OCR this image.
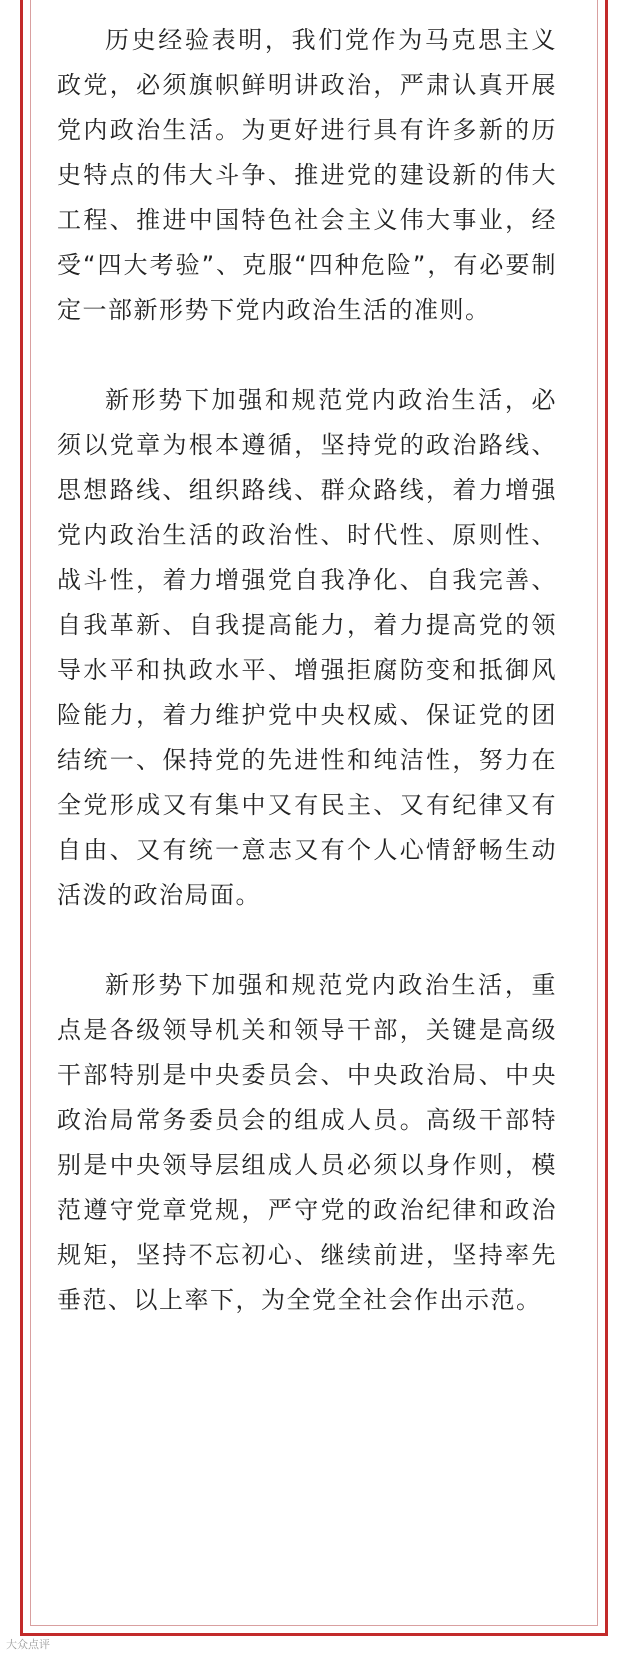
历史经验表明，我们党作为马克思主义政党，必须旗帜鲜明讲政治，严肃认真开展党内政治生活。为更好进行具有许多新的历史特点的伟大斗争、推进党的建设新的伟大工程、推进中国特色社会主义伟大事业，经受“四大考验”、克服“四种危险”，有必要制定一部新形势下党内政治生活的准则。

新形势下加强和规范党内政治生活，必须以党章为根本遵循，坚持党的政治路线、思想路线、组织路线、群众路线，着力增强党内政治生活的政治性、时代性、原则性、战斗性，着力增强党自我净化、自我完善、自我革新、自我提高能力，着力提高党的领导水平和执政水平、增强拒腐防变和抵御风险能力，着力维护党中央权威、保证党的团结统一、保持党的先进性和纯洁性，努力在全党形成又有集中又有民主、又有纪律又有自由、又有统一意志又有个人心情舒畅生动活泼的政治局面。

新形势下加强和规范党内政治生活，重点是各级领导机关和领导干部，关键是高级干部特别是中央委员会、中央政治局、中央政治局常务委员会的组成人员。高级干部特别是中央领导层组成人员必须以身作则，模范遵守党章党规，严守党的政治纪律和政治规矩，坚持不忘初心、继续前进，坚持率先垂范、以上率下，为全党全社会作出示范。

大众点评
